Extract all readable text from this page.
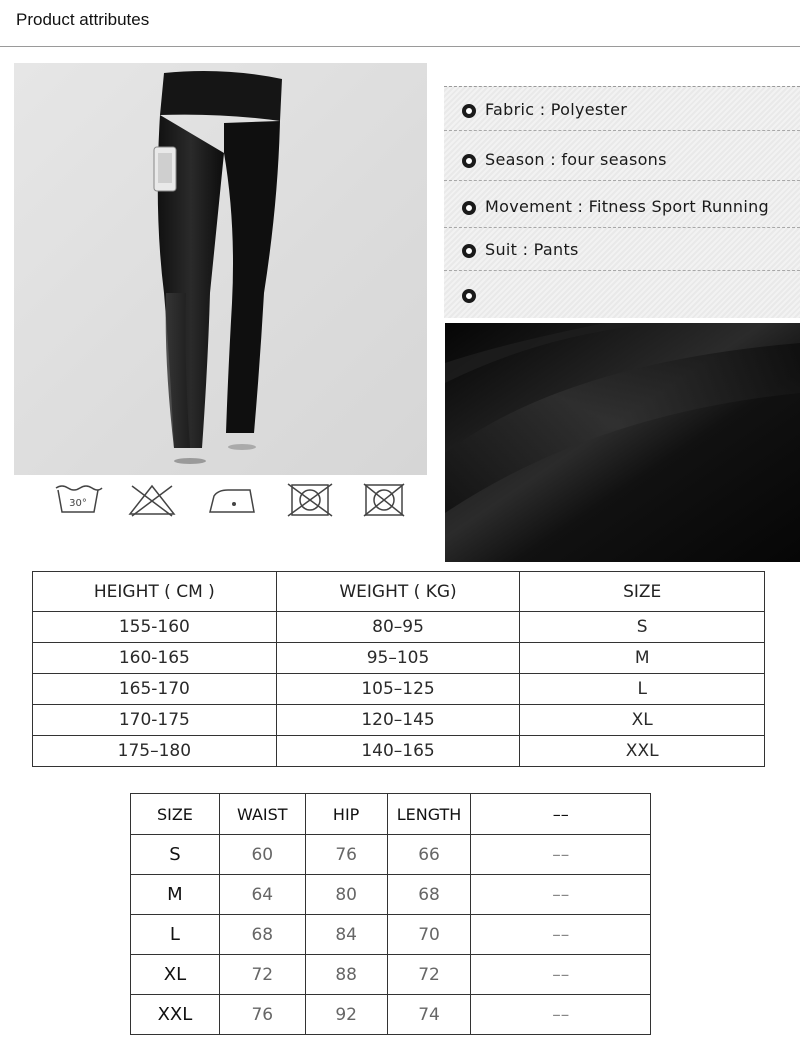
Product attributes
30°
Fabric : Polyester
Season : four seasons
Movement : Fitness Sport Running
Suit : Pants
HEIGHT ( CM )	WEIGHT ( KG)	SIZE
155-160	80–95	S
160-165	95–105	M
165-170	105–125	L
170-175	120–145	XL
175–180	140–165	XXL
SIZE	WAIST	HIP	LENGTH	––
S	60	76	66	––
M	64	80	68	––
L	68	84	70	––
XL	72	88	72	––
XXL	76	92	74	––
